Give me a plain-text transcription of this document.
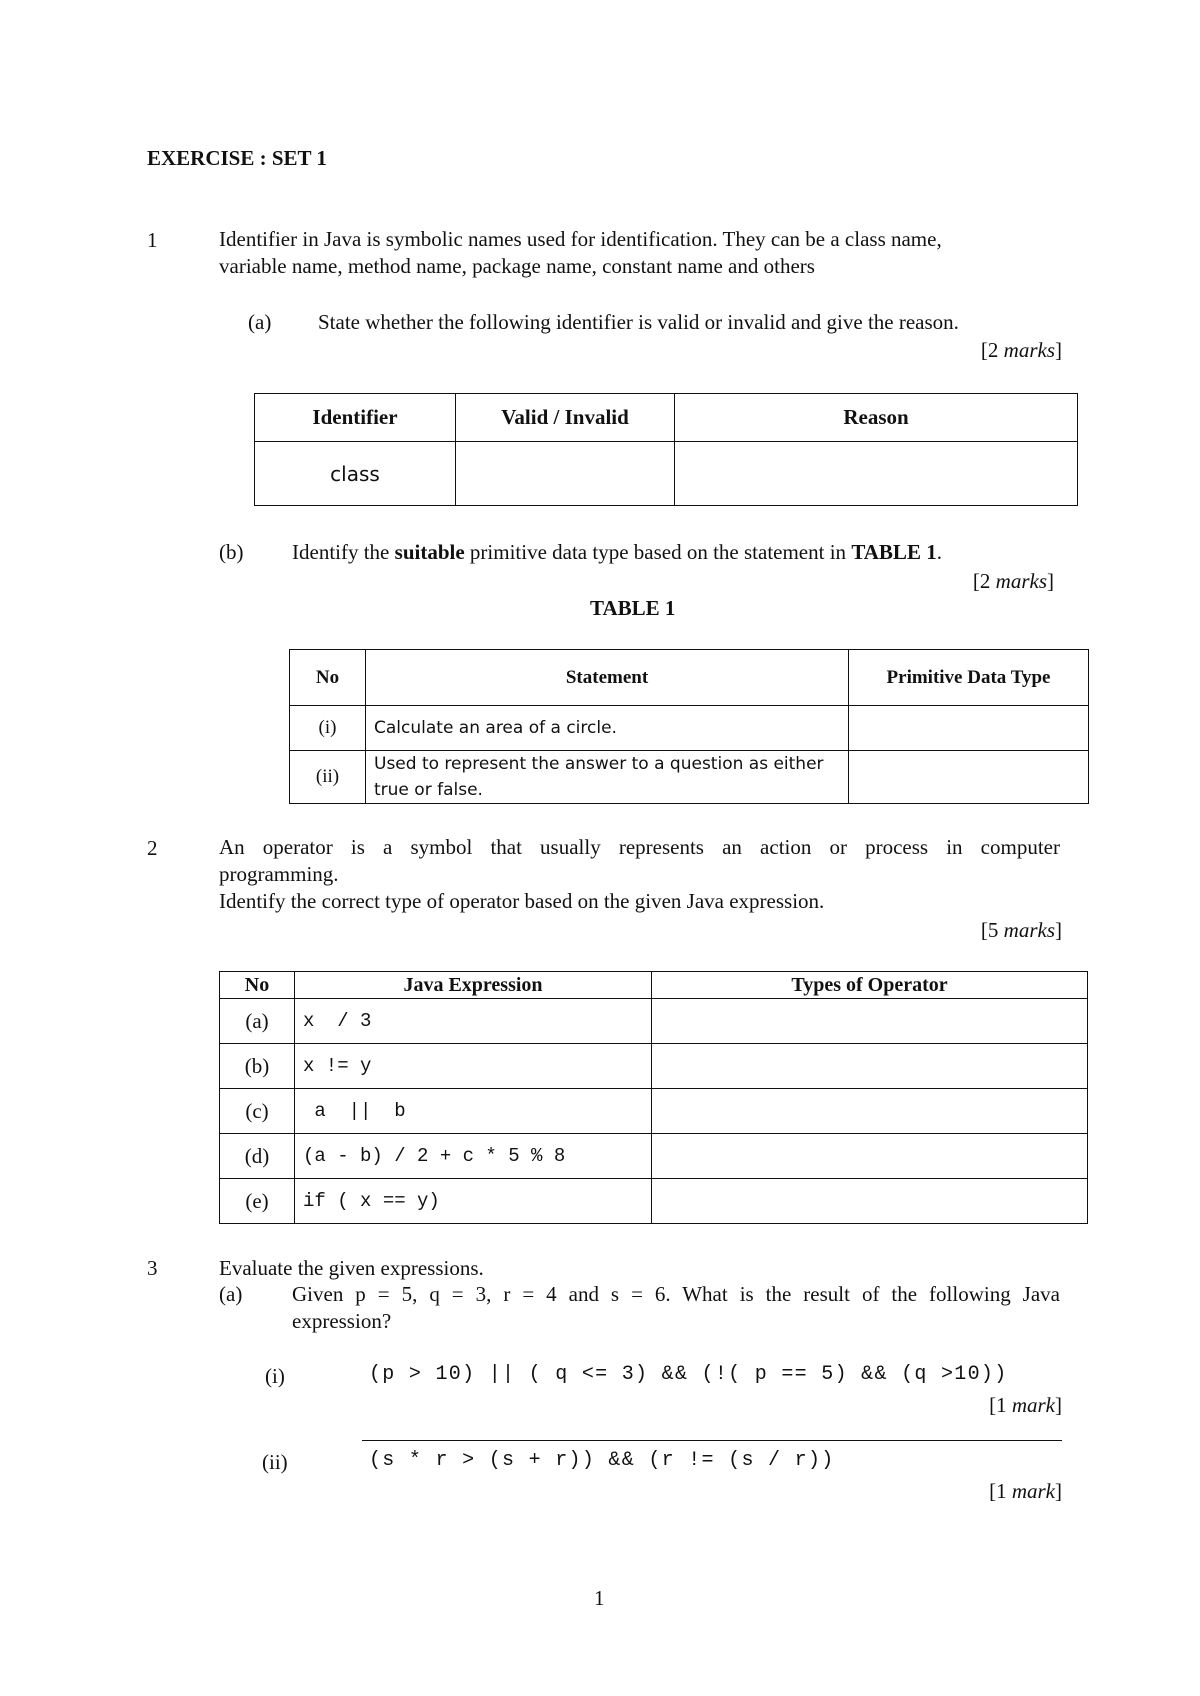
EXERCISE : SET 1
1	Identifier in Java is symbolic names used for identification. They can be a class name,
variable name, method name, package name, constant name and others
(a) State whether the following identifier is valid or invalid and give the reason.
[2 marks]
Identifier	Valid / Invalid	Reason
class		
(b) Identify the suitable primitive data type based on the statement in TABLE 1.
[2 marks]
TABLE 1
No	Statement	Primitive Data Type
(i)	Calculate an area of a circle.	
(ii)	Used to represent the answer to a question as either
true or false.	

2	An operator is a symbol that usually represents an action or process in computer
programming.
Identify the correct type of operator based on the given Java expression.
[5 marks]
No	Java Expression	Types of Operator
(a)	x  / 3	
(b)	x != y	
(c)	a  ||  b	
(d)	(a - b) / 2 + c * 5 % 8	
(e)	if ( x == y)	
3	Evaluate the given expressions.
(a) Given p = 5, q = 3, r = 4 and s = 6. What is the result of the following Java
expression?
(i)	(p > 10) || ( q <= 3) && (!( p == 5) && (q >10))
[1 mark]
(ii)	(s * r > (s + r)) && (r != (s / r))
[1 mark]
1
